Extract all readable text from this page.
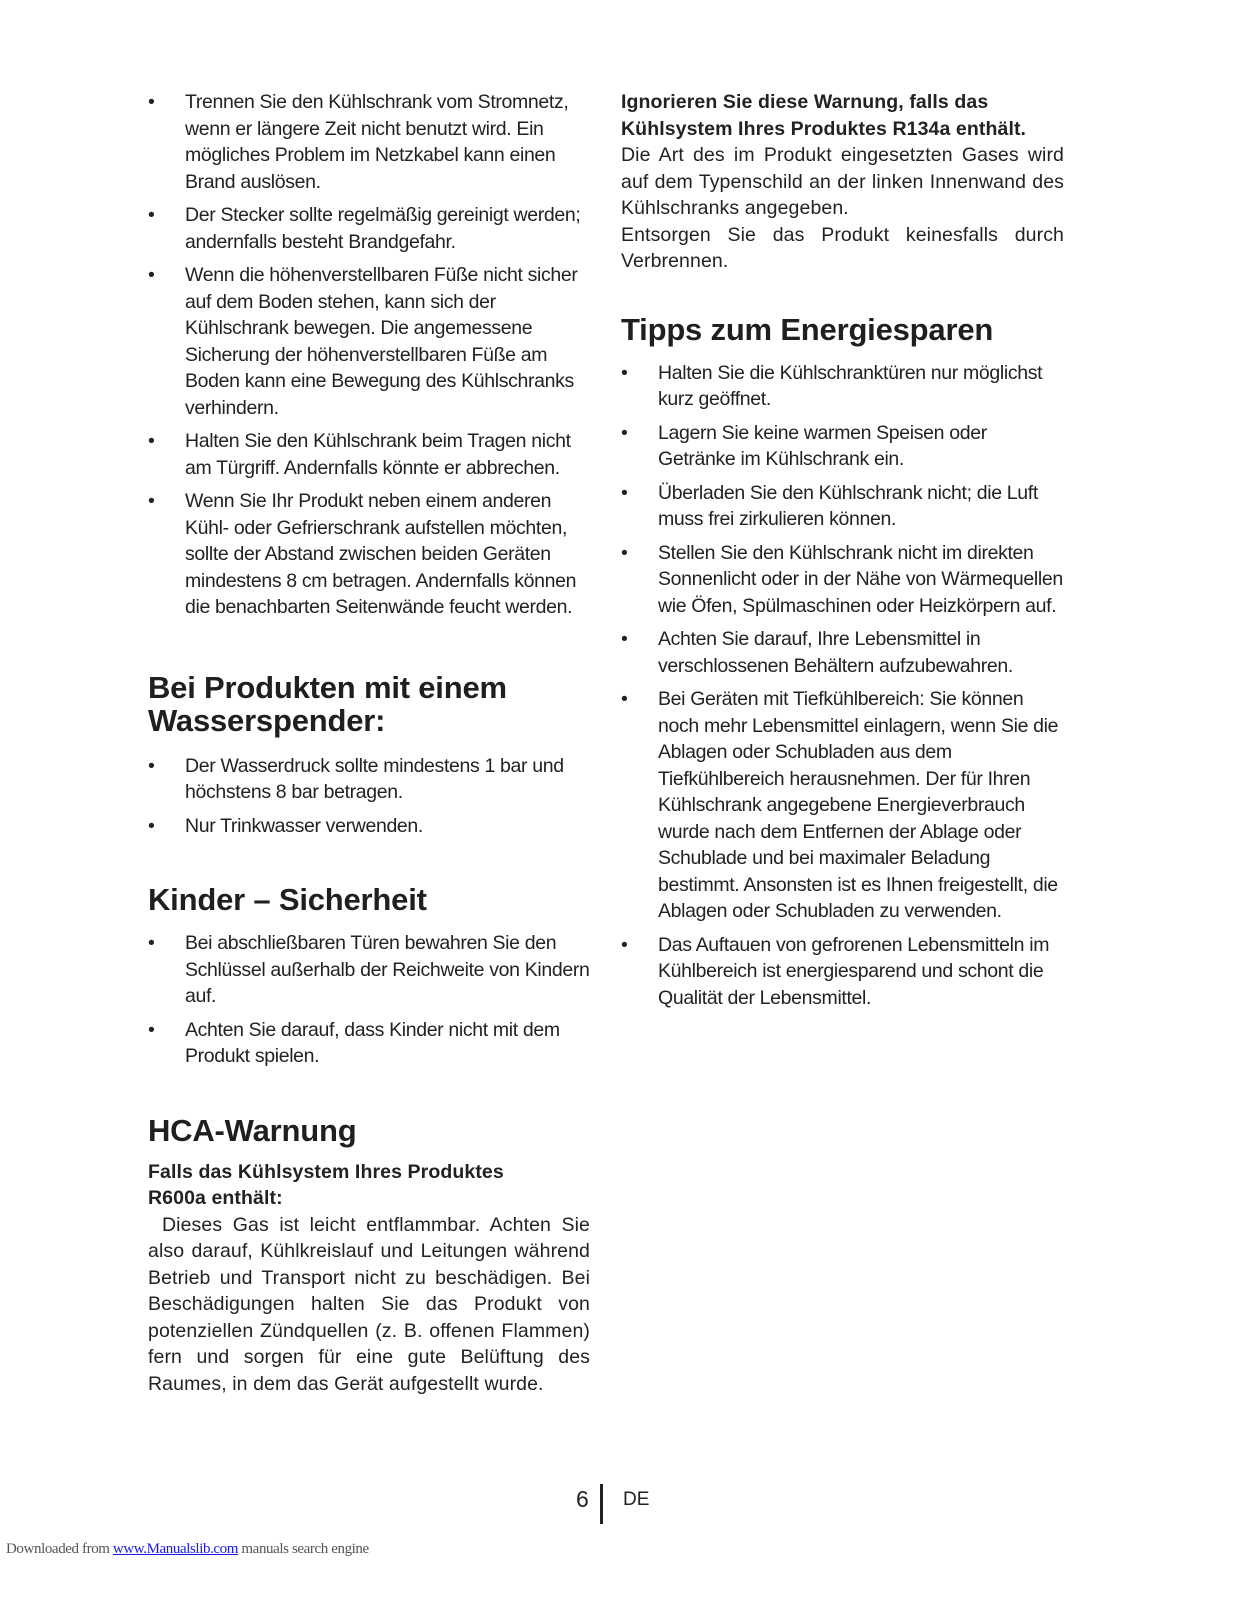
• Trennen Sie den Kühlschrank vom Stromnetz, wenn er längere Zeit nicht benutzt wird. Ein mögliches Problem im Netzkabel kann einen Brand auslösen.
• Der Stecker sollte regelmäßig gereinigt werden; andernfalls besteht Brandgefahr.
• Wenn die höhenverstellbaren Füße nicht sicher auf dem Boden stehen, kann sich der Kühlschrank bewegen. Die angemessene Sicherung der höhenverstellbaren Füße am Boden kann eine Bewegung des Kühlschranks verhindern.
• Halten Sie den Kühlschrank beim Tragen nicht am Türgriff. Andernfalls könnte er abbrechen.
• Wenn Sie Ihr Produkt neben einem anderen Kühl- oder Gefrierschrank aufstellen möchten, sollte der Abstand zwischen beiden Geräten mindestens 8 cm betragen. Andernfalls können die benachbarten Seitenwände feucht werden.
Bei Produkten mit einem
Wasserspender:
• Der Wasserdruck sollte mindestens 1 bar und höchstens 8 bar betragen.
• Nur Trinkwasser verwenden.
Kinder – Sicherheit
• Bei abschließbaren Türen bewahren Sie den Schlüssel außerhalb der Reichweite von Kindern auf.
• Achten Sie darauf, dass Kinder nicht mit dem Produkt spielen.
HCA-Warnung
Falls das Kühlsystem Ihres Produktes
R600a enthält:

Dieses Gas ist leicht entflammbar. Achten Sie also darauf, Kühlkreislauf und Leitungen während Betrieb und Transport nicht zu beschädigen. Bei Beschädigungen halten Sie das Produkt von potenziellen Zündquellen (z. B. offenen Flammen) fern und sorgen für eine gute Belüftung des Raumes, in dem das Gerät aufgestellt wurde.

Ignorieren Sie diese Warnung, falls das
Kühlsystem Ihres Produktes R134a enthält.

Die Art des im Produkt eingesetzten Gases wird auf dem Typenschild an der linken Innenwand des Kühlschranks angegeben.

Entsorgen Sie das Produkt keinesfalls durch Verbrennen.

Tipps zum Energiesparen
• Halten Sie die Kühlschranktüren nur möglichst kurz geöffnet.
• Lagern Sie keine warmen Speisen oder Getränke im Kühlschrank ein.
• Überladen Sie den Kühlschrank nicht; die Luft muss frei zirkulieren können.
• Stellen Sie den Kühlschrank nicht im direkten Sonnenlicht oder in der Nähe von Wärmequellen wie Öfen, Spülmaschinen oder Heizkörpern auf.
• Achten Sie darauf, Ihre Lebensmittel in verschlossenen Behältern aufzubewahren.
• Bei Geräten mit Tiefkühlbereich: Sie können noch mehr Lebensmittel einlagern, wenn Sie die Ablagen oder Schubladen aus dem Tiefkühlbereich herausnehmen. Der für Ihren Kühlschrank angegebene Energieverbrauch wurde nach dem Entfernen der Ablage oder Schublade und bei maximaler Beladung bestimmt. Ansonsten ist es Ihnen freigestellt, die Ablagen oder Schubladen zu verwenden.
• Das Auftauen von gefrorenen Lebensmitteln im Kühlbereich ist energiesparend und schont die Qualität der Lebensmittel.
6 DE
Downloaded from www.Manualslib.com manuals search engine
